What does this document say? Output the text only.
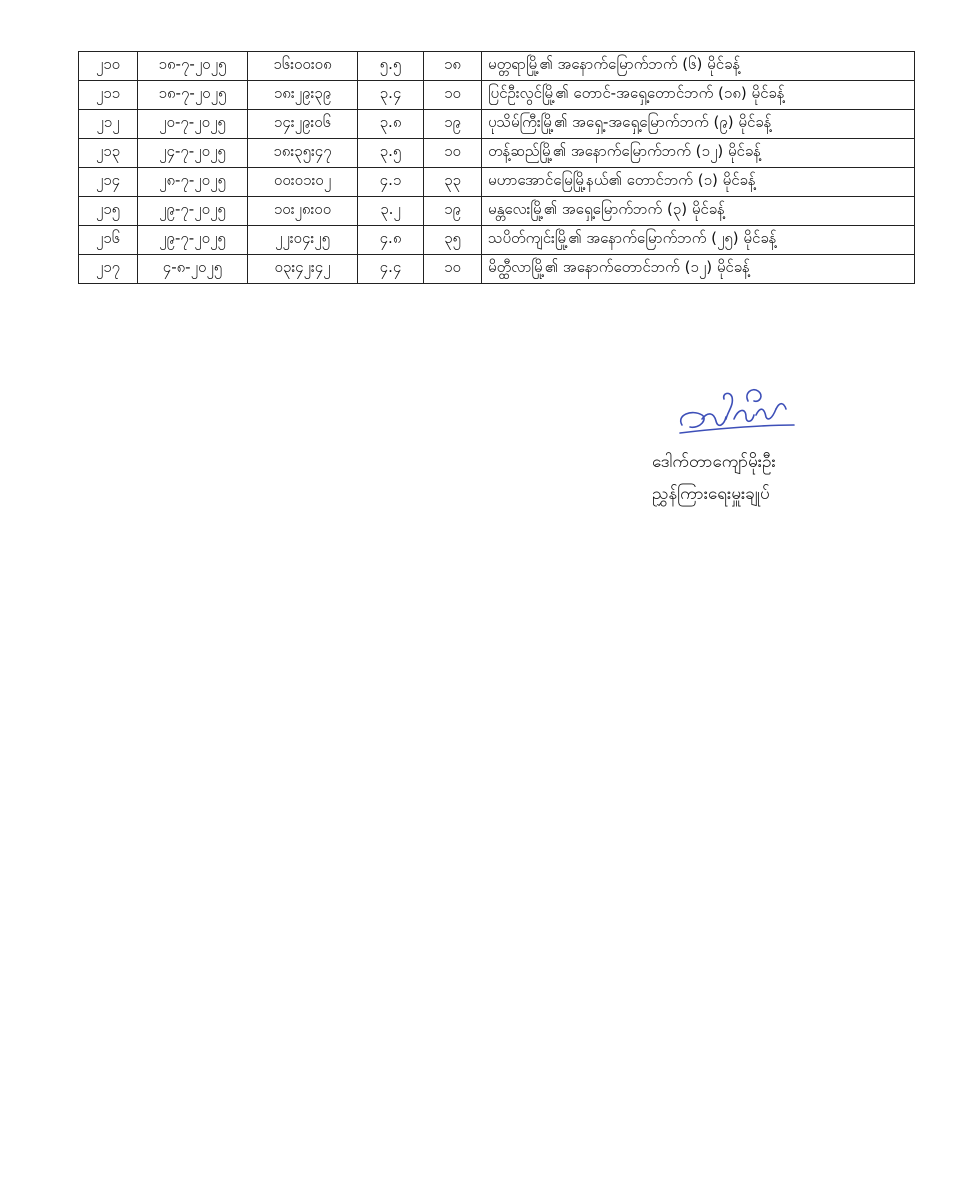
၂၁၀	၁၈-၇-၂၀၂၅	၁၆း၀၀း၀၈	၅.၅	၁၈	မတ္တရာမြို့၏ အနောက်မြောက်ဘက် (၆) မိုင်ခန့်
၂၁၁	၁၈-၇-၂၀၂၅	၁၈း၂၉း၃၉	၃.၄	၁၀	ပြင်ဦးလွင်မြို့၏ တောင်-အရှေ့တောင်ဘက် (၁၈) မိုင်ခန့်
၂၁၂	၂၀-၇-၂၀၂၅	၁၄း၂၉း၀၆	၃.၈	၁၉	ပုသိမ်ကြီးမြို့၏ အရှေ့-အရှေ့မြောက်ဘက် (၉) မိုင်ခန့်
၂၁၃	၂၄-၇-၂၀၂၅	၁၈း၃၅း၄၇	၃.၅	၁၀	တန့်ဆည်မြို့၏ အနောက်မြောက်ဘက် (၁၂) မိုင်ခန့်
၂၁၄	၂၈-၇-၂၀၂၅	၀၀း၀၁း၀၂	၄.၁	၃၃	မဟာအောင်မြေမြို့နယ်၏ တောင်ဘက် (၁) မိုင်ခန့်
၂၁၅	၂၉-၇-၂၀၂၅	၁၀း၂၈း၀၀	၃.၂	၁၉	မန္တလေးမြို့၏ အရှေ့မြောက်ဘက် (၃) မိုင်ခန့်
၂၁၆	၂၉-၇-၂၀၂၅	၂၂း၀၄း၂၅	၄.၈	၃၅	သပိတ်ကျင်းမြို့၏ အနောက်မြောက်ဘက် (၂၅) မိုင်ခန့်
၂၁၇	၄-၈-၂၀၂၅	၀၃း၄၂း၄၂	၄.၄	၁၀	မိတ္ထီလာမြို့၏ အနောက်တောင်ဘက် (၁၂) မိုင်ခန့်
ဒေါက်တာကျော်မိုးဦး
ညွှန်ကြားရေးမှူးချုပ်
